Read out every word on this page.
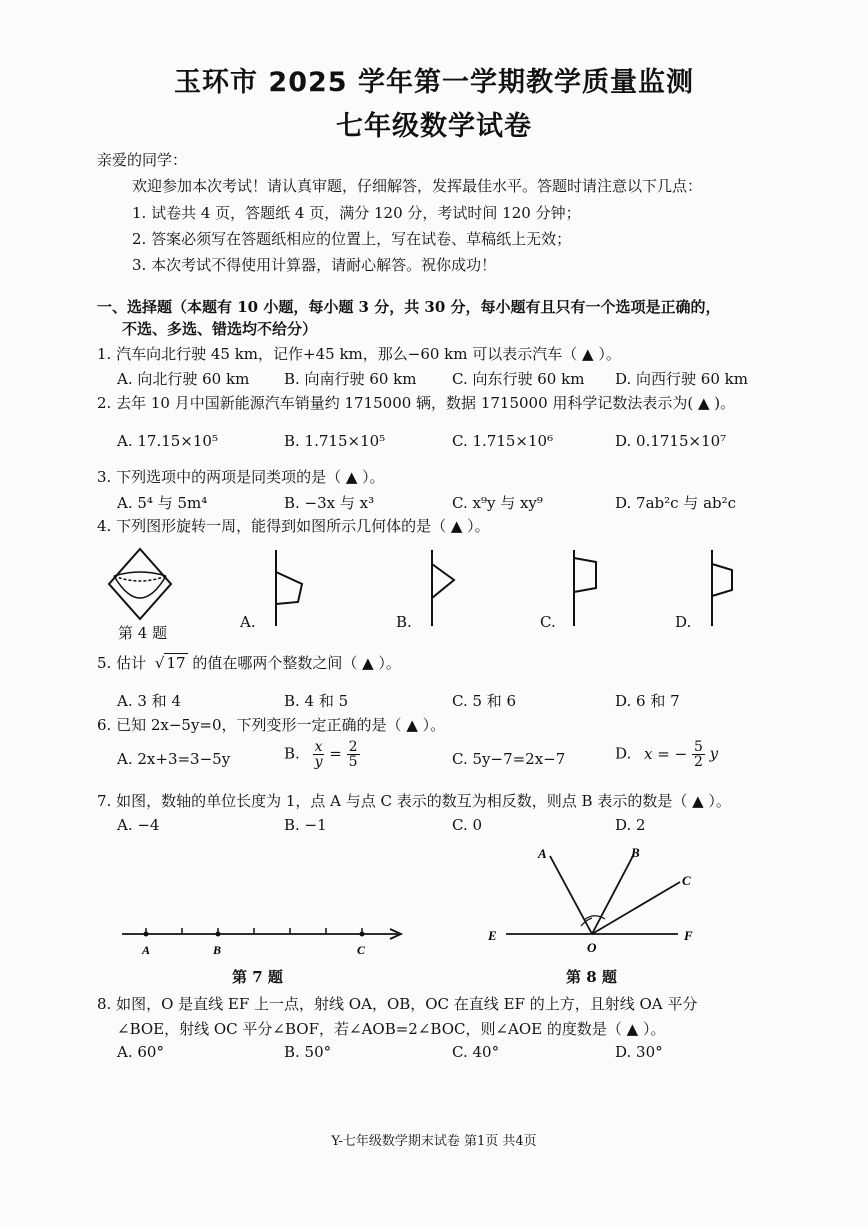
玉环市 2025 学年第一学期教学质量监测
七年级数学试卷
亲爱的同学：
欢迎参加本次考试！请认真审题，仔细解答，发挥最佳水平。答题时请注意以下几点：
1. 试卷共 4 页，答题纸 4 页，满分 120 分，考试时间 120 分钟；
2. 答案必须写在答题纸相应的位置上，写在试卷、草稿纸上无效；
3. 本次考试不得使用计算器，请耐心解答。祝你成功！
一、选择题（本题有 10 小题，每小题 3 分，共 30 分，每小题有且只有一个选项是正确的，
不选、多选、错选均不给分）
1. 汽车向北行驶 45 km，记作+45 km，那么−60 km 可以表示汽车（ ▲ ）。
A. 向北行驶 60 km B. 向南行驶 60 km C. 向东行驶 60 km D. 向西行驶 60 km
2. 去年 10 月中国新能源汽车销量约 1715000 辆，数据 1715000 用科学记数法表示为( ▲ )。
A. 17.15×10⁵	B. 1.715×10⁵	C. 1.715×10⁶	D. 0.1715×10⁷
3. 下列选项中的两项是同类项的是（ ▲ ）。
A. 5⁴ 与 5m⁴	B. −3x 与 x³	C. x⁹y 与 xy⁹	D. 7ab²c 与 ab²c
4. 下列图形旋转一周，能得到如图所示几何体的是（ ▲ ）。
第 4 题
A.	B.	C.	D.
5. 估计 √ 17 的值在哪两个整数之间（ ▲ ）。
A. 3 和 4	B. 4 和 5	C. 5 和 6	D. 6 和 7
6. 已知 2x−5y=0，下列变形一定正确的是（ ▲ ）。
A. 2x+3=3−5y	B. $\frac{x}{y} = \frac{2}{5}$	C. 5y−7=2x−7	D. x = − $\frac{5}{2}$ y
7. 如图，数轴的单位长度为 1，点 A 与点 C 表示的数互为相反数，则点 B 表示的数是（ ▲ ）。
A. −4	B. −1	C. 0	D. 2
A	B	C
第 7 题
A	B
C
E
O
F
第 8 题
8. 如图，O 是直线 EF 上一点，射线 OA，OB，OC 在直线 EF 的上方，且射线 OA 平分
∠BOE，射线 OC 平分∠BOF，若∠AOB=2∠BOC，则∠AOE 的度数是（ ▲ ）。
A. 60°	B. 50°	C. 40°	D. 30°
Y-七年级数学期末试卷 第1页 共4页
